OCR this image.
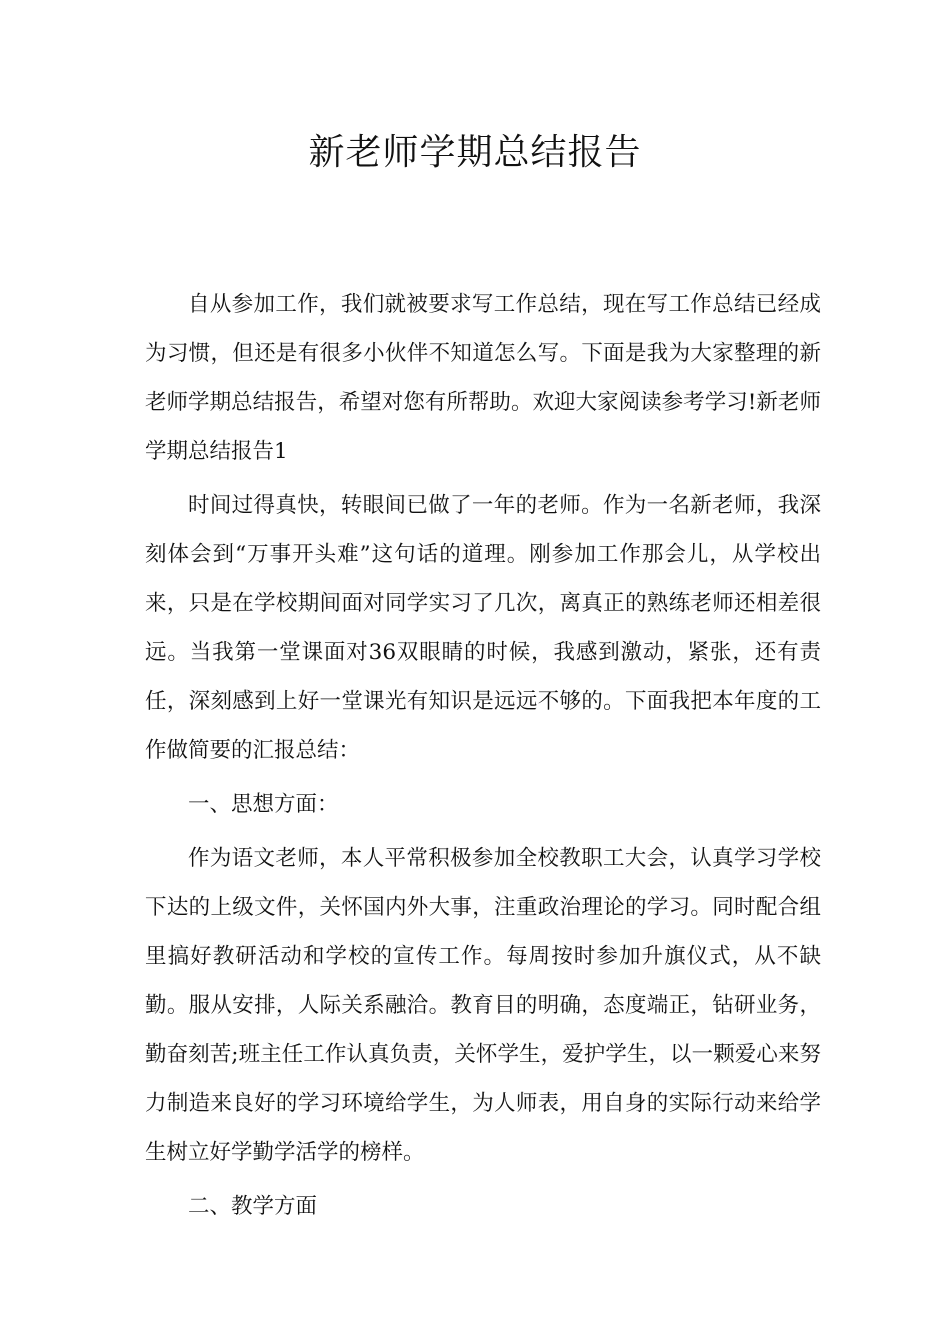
新老师学期总结报告

自从参加工作，我们就被要求写工作总结，现在写工作总结已经成为习惯，但还是有很多小伙伴不知道怎么写。下面是我为大家整理的新老师学期总结报告，希望对您有所帮助。欢迎大家阅读参考学习!新老师学期总结报告1

时间过得真快，转眼间已做了一年的老师。作为一名新老师，我深刻体会到“万事开头难”这句话的道理。刚参加工作那会儿，从学校出来，只是在学校期间面对同学实习了几次，离真正的熟练老师还相差很远。当我第一堂课面对36双眼睛的时候，我感到激动，紧张，还有责任，深刻感到上好一堂课光有知识是远远不够的。下面我把本年度的工作做简要的汇报总结：

一、思想方面：

作为语文老师，本人平常积极参加全校教职工大会，认真学习学校下达的上级文件，关怀国内外大事，注重政治理论的学习。同时配合组里搞好教研活动和学校的宣传工作。每周按时参加升旗仪式，从不缺勤。服从安排，人际关系融洽。教育目的明确，态度端正，钻研业务，勤奋刻苦;班主任工作认真负责，关怀学生，爱护学生，以一颗爱心来努力制造来良好的学习环境给学生，为人师表，用自身的实际行动来给学生树立好学勤学活学的榜样。

二、教学方面
